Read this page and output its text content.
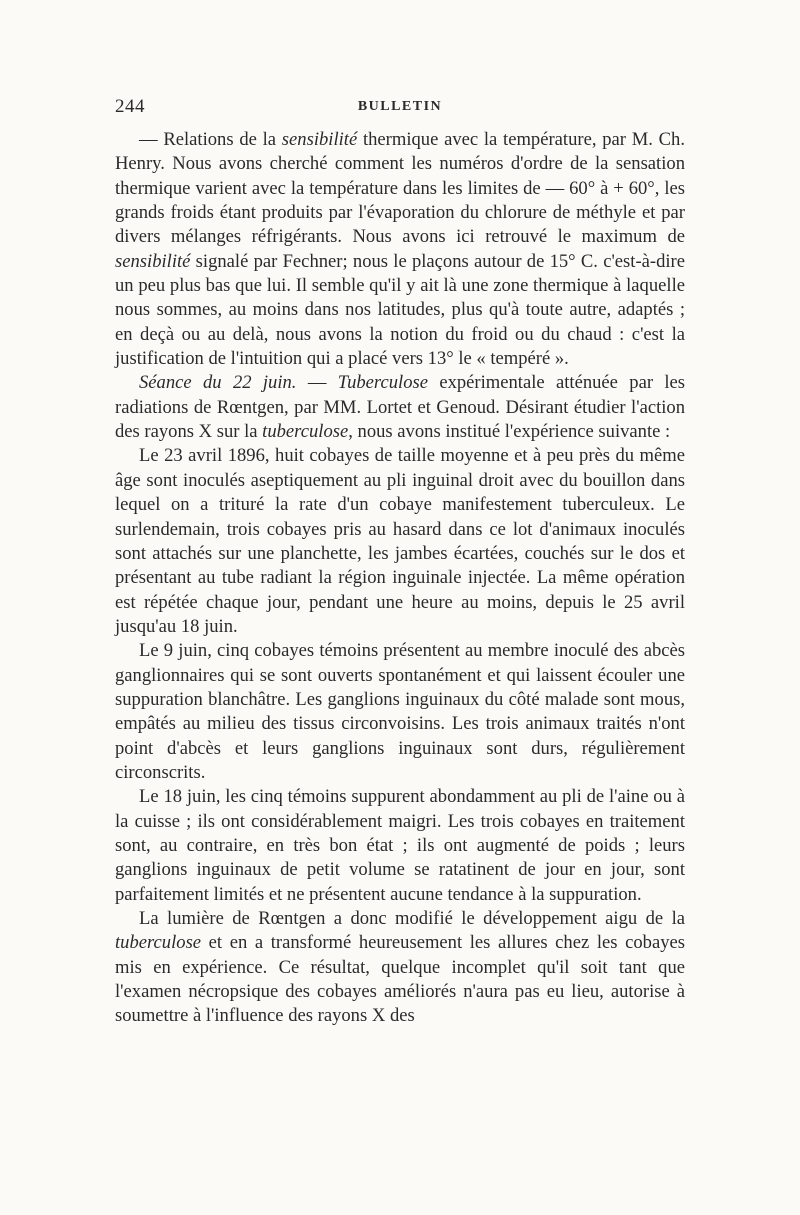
244	BULLETIN

— Relations de la sensibilité thermique avec la température, par M. Ch. Henry. Nous avons cherché comment les numéros d'ordre de la sensation thermique varient avec la température dans les limites de — 60° à + 60°, les grands froids étant produits par l'évaporation du chlorure de méthyle et par divers mélanges réfrigérants. Nous avons ici retrouvé le maximum de sensibilité signalé par Fechner; nous le plaçons autour de 15° C. c'est-à-dire un peu plus bas que lui. Il semble qu'il y ait là une zone thermique à laquelle nous sommes, au moins dans nos latitudes, plus qu'à toute autre, adaptés ; en deçà ou au delà, nous avons la notion du froid ou du chaud : c'est la justification de l'intuition qui a placé vers 13° le « tempéré ».

Séance du 22 juin. — Tuberculose expérimentale atténuée par les radiations de Rœntgen, par MM. Lortet et Genoud. Désirant étudier l'action des rayons X sur la tuberculose, nous avons institué l'expérience suivante :

Le 23 avril 1896, huit cobayes de taille moyenne et à peu près du même âge sont inoculés aseptiquement au pli inguinal droit avec du bouillon dans lequel on a trituré la rate d'un cobaye manifestement tuberculeux. Le surlendemain, trois cobayes pris au hasard dans ce lot d'animaux inoculés sont attachés sur une planchette, les jambes écartées, couchés sur le dos et présentant au tube radiant la région inguinale injectée. La même opération est répétée chaque jour, pendant une heure au moins, depuis le 25 avril jusqu'au 18 juin.

Le 9 juin, cinq cobayes témoins présentent au membre inoculé des abcès ganglionnaires qui se sont ouverts spontanément et qui laissent écouler une suppuration blanchâtre. Les ganglions inguinaux du côté malade sont mous, empâtés au milieu des tissus circonvoisins. Les trois animaux traités n'ont point d'abcès et leurs ganglions inguinaux sont durs, régulièrement circonscrits.

Le 18 juin, les cinq témoins suppurent abondamment au pli de l'aine ou à la cuisse ; ils ont considérablement maigri. Les trois cobayes en traitement sont, au contraire, en très bon état ; ils ont augmenté de poids ; leurs ganglions inguinaux de petit volume se ratatinent de jour en jour, sont parfaitement limités et ne présentent aucune tendance à la suppuration.

La lumière de Rœntgen a donc modifié le développement aigu de la tuberculose et en a transformé heureusement les allures chez les cobayes mis en expérience. Ce résultat, quelque incomplet qu'il soit tant que l'examen nécropsique des cobayes améliorés n'aura pas eu lieu, autorise à soumettre à l'influence des rayons X des
